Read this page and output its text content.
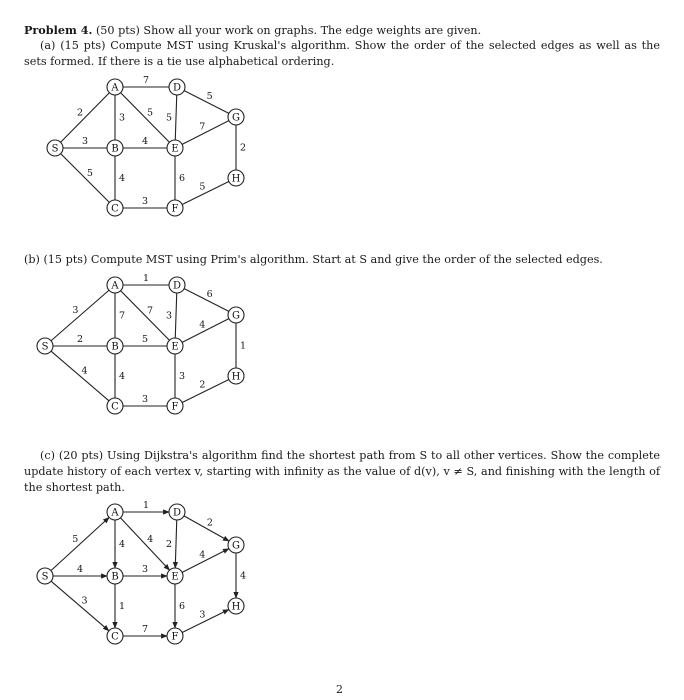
Problem 4. (50 pts) Show all your work on graphs. The edge weights are given.
(a) (15 pts) Compute MST using Kruskal's algorithm. Show the order of the selected edges as well as the sets formed. If there is a tie use alphabetical ordering.
2
3
5
7
3 5 5
5
4
4
7
6
2
3
5
S
A	D
G
B	E
H
C	F
(b) (15 pts) Compute MST using Prim's algorithm. Start at S and give the order of the selected edges.
3
2
4
1
7 7 3
6
5
4
4
3
1
3
2
S
A	D
G
B	E
H
C	F
(c) (20 pts) Using Dijkstra's algorithm find the shortest path from S to all other vertices. Show the complete update history of each vertex v, starting with infinity as the value of d(v), v ≠ S, and finishing with the length of the shortest path.
5
4
3
1
4 4 2
2
3
1
4
6
4
7
3
S
A	D
G
B	E
H
C	F
2
